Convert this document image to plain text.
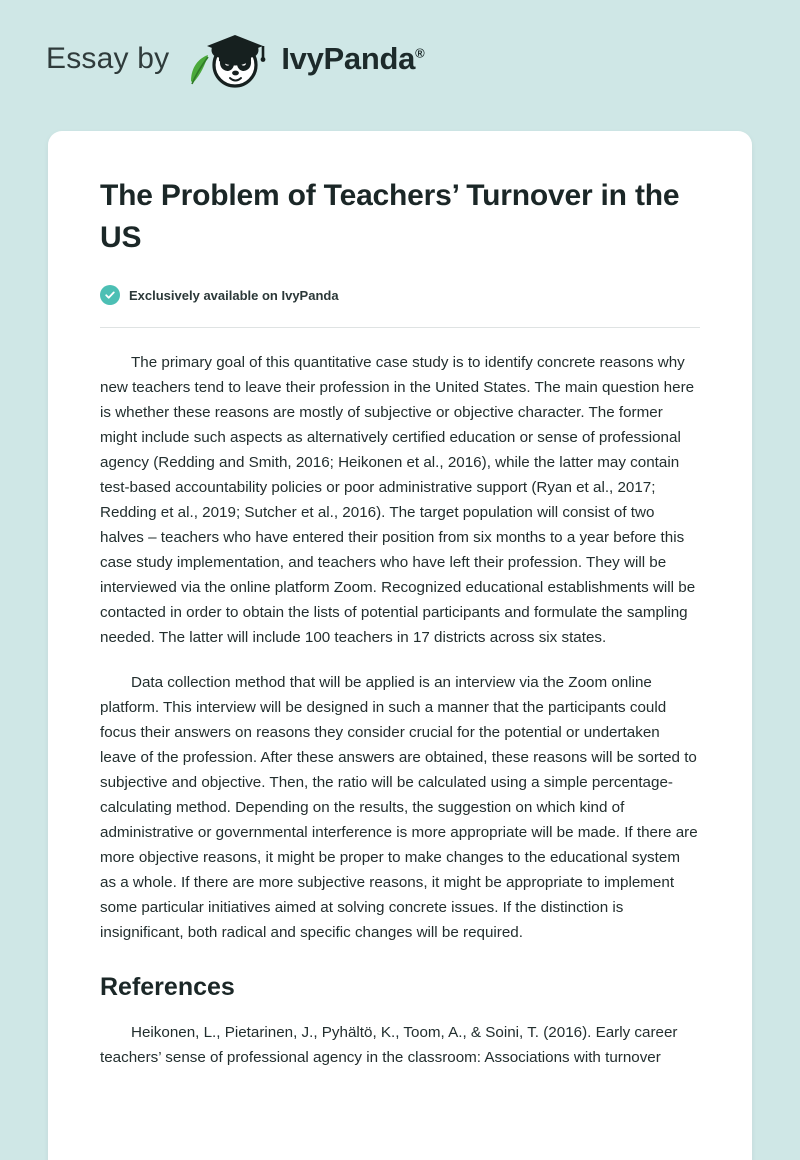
Essay by	IvyPanda®
The Problem of Teachers’ Turnover in the US
Exclusively available on IvyPanda

The primary goal of this quantitative case study is to identify concrete reasons why new teachers tend to leave their profession in the United States. The main question here is whether these reasons are mostly of subjective or objective character. The former might include such aspects as alternatively certified education or sense of professional agency (Redding and Smith, 2016; Heikonen et al., 2016), while the latter may contain test-based accountability policies or poor administrative support (Ryan et al., 2017; Redding et al., 2019; Sutcher et al., 2016). The target population will consist of two halves – teachers who have entered their position from six months to a year before this case study implementation, and teachers who have left their profession. They will be interviewed via the online platform Zoom. Recognized educational establishments will be contacted in order to obtain the lists of potential participants and formulate the sampling needed. The latter will include 100 teachers in 17 districts across six states.

Data collection method that will be applied is an interview via the Zoom online platform. This interview will be designed in such a manner that the participants could focus their answers on reasons they consider crucial for the potential or undertaken leave of the profession. After these answers are obtained, these reasons will be sorted to subjective and objective. Then, the ratio will be calculated using a simple percentage-calculating method. Depending on the results, the suggestion on which kind of administrative or governmental interference is more appropriate will be made. If there are more objective reasons, it might be proper to make changes to the educational system as a whole. If there are more subjective reasons, it might be appropriate to implement some particular initiatives aimed at solving concrete issues. If the distinction is insignificant, both radical and specific changes will be required.

References

Heikonen, L., Pietarinen, J., Pyhältö, K., Toom, A., & Soini, T. (2016). Early career teachers’ sense of professional agency in the classroom: Associations with turnover
